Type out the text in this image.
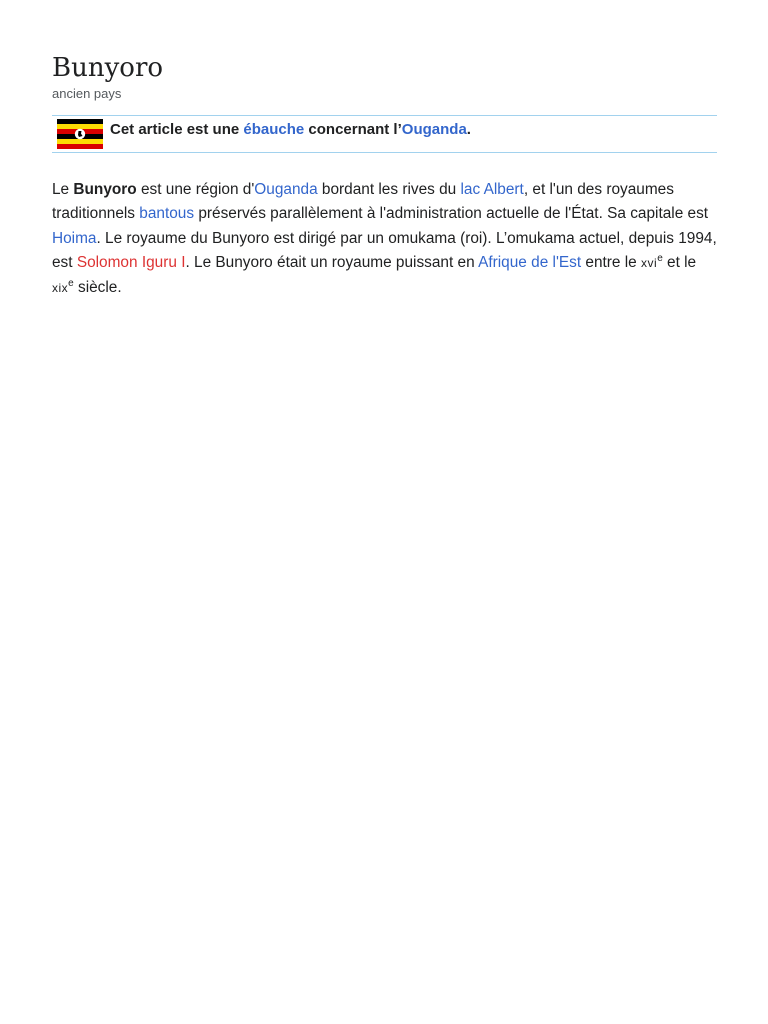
Bunyoro
ancien pays
Cet article est une ébauche concernant l’Ouganda.

Le Bunyoro est une région d'Ouganda bordant les rives du lac Albert, et l'un des royaumes traditionnels bantous préservés parallèlement à l'administration actuelle de l'État. Sa capitale est Hoima. Le royaume du Bunyoro est dirigé par un omukama (roi). L’omukama actuel, depuis 1994, est Solomon Iguru I. Le Bunyoro était un royaume puissant en Afrique de l'Est entre le xvi$^e$ et le xix$^e$ siècle.
